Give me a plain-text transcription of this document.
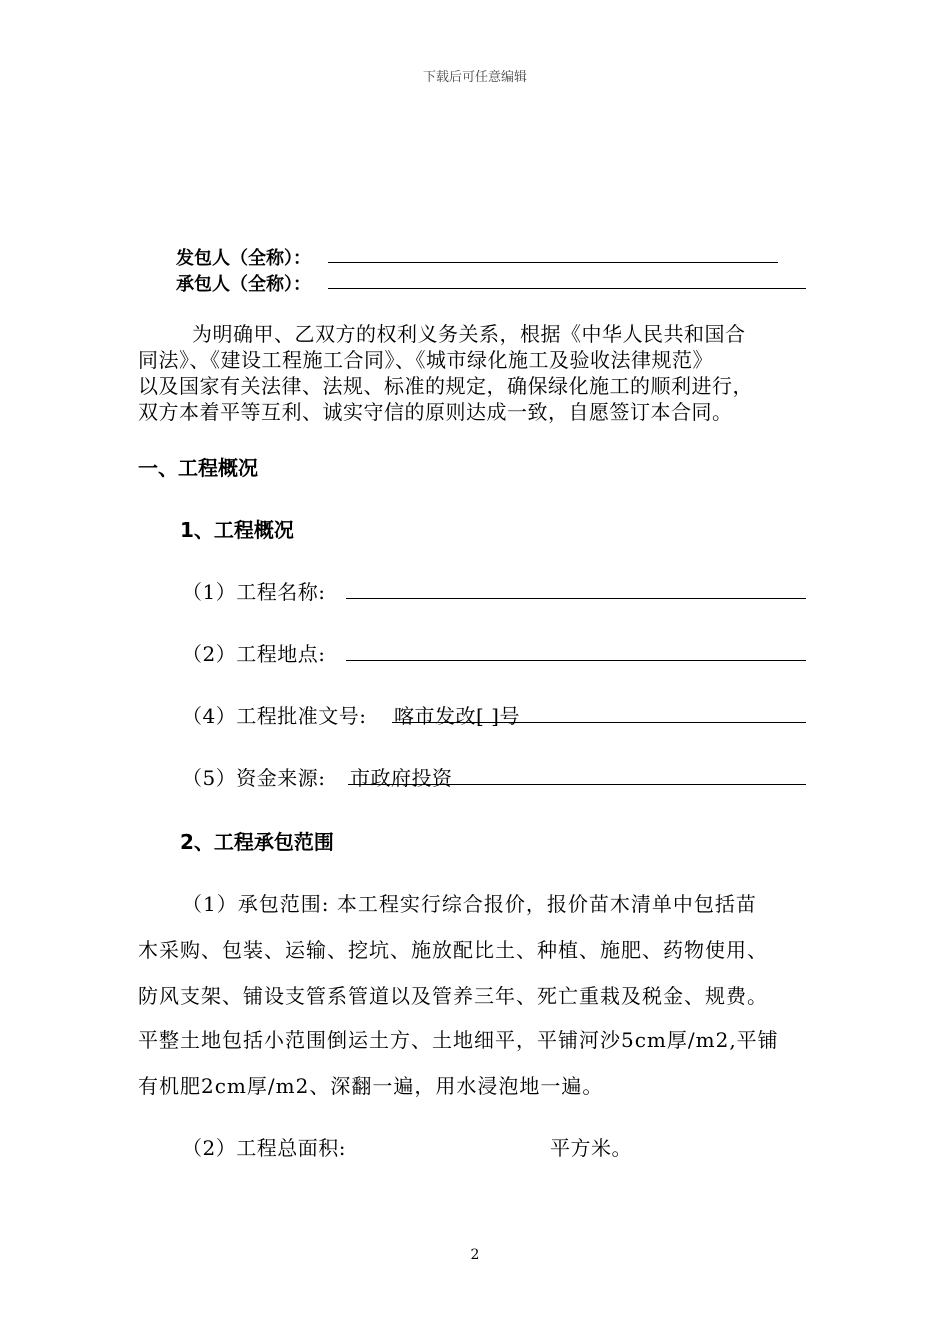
下载后可任意编辑
发包人（全称）：
承包人（全称）：
为明确甲、乙双方的权利义务关系，根据《中华人民共和国合
同法》、《建设工程施工合同》、《城市绿化施工及验收法律规范》
以及国家有关法律、法规、标准的规定，确保绿化施工的顺利进行，
双方本着平等互利、诚实守信的原则达成一致，自愿签订本合同。
一、工程概况
1、工程概况
（1）工程名称:
（2）工程地点:
（4）工程批准文号: 喀市发改[ ]号
（5）资金来源: 市政府投资
2、工程承包范围
（1）承包范围: 本工程实行综合报价，报价苗木清单中包括苗
木采购、包装、运输、挖坑、施放配比土、种植、施肥、药物使用、
防风支架、铺设支管系管道以及管养三年、死亡重栽及税金、规费。
平整土地包括小范围倒运土方、土地细平，平铺河沙5cm厚/m2,平铺
有机肥2cm厚/m2、深翻一遍，用水浸泡地一遍。
（2）工程总面积:	平方米。
2
